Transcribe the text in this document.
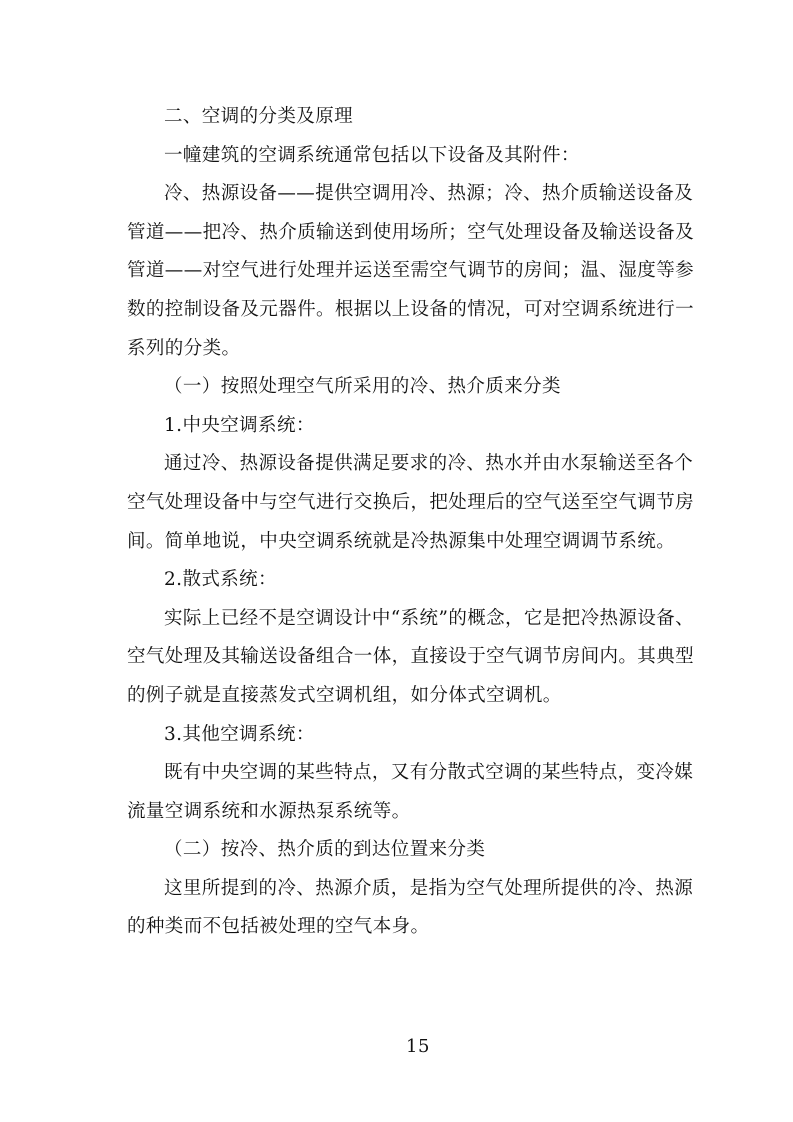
二、空调的分类及原理

一幢建筑的空调系统通常包括以下设备及其附件：

冷、热源设备——提供空调用冷、热源；冷、热介质输送设备及
管道——把冷、热介质输送到使用场所；空气处理设备及输送设备及
管道——对空气进行处理并运送至需空气调节的房间；温、湿度等参
数的控制设备及元器件。根据以上设备的情况，可对空调系统进行一
系列的分类。

（一）按照处理空气所采用的冷、热介质来分类

1.中央空调系统：

通过冷、热源设备提供满足要求的冷、热水并由水泵输送至各个
空气处理设备中与空气进行交换后，把处理后的空气送至空气调节房
间。简单地说，中央空调系统就是冷热源集中处理空调调节系统。

2.散式系统：

实际上已经不是空调设计中“系统”的概念，它是把冷热源设备、
空气处理及其输送设备组合一体，直接设于空气调节房间内。其典型
的例子就是直接蒸发式空调机组，如分体式空调机。

3.其他空调系统：

既有中央空调的某些特点，又有分散式空调的某些特点，变冷媒
流量空调系统和水源热泵系统等。

（二）按冷、热介质的到达位置来分类

这里所提到的冷、热源介质，是指为空气处理所提供的冷、热源
的种类而不包括被处理的空气本身。

15
